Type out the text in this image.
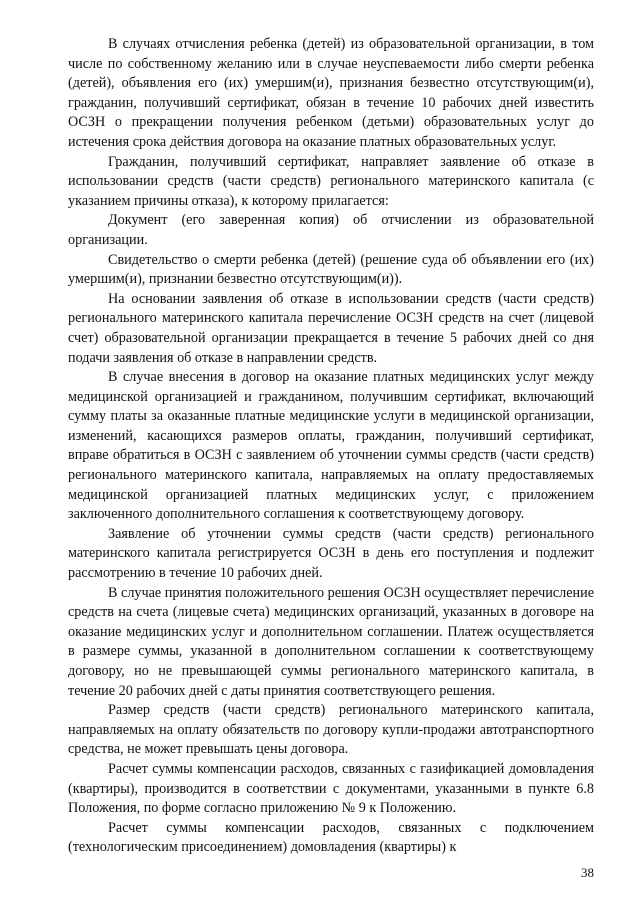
В случаях отчисления ребенка (детей) из образовательной организации, в том числе по собственному желанию или в случае неуспеваемости либо смерти ребенка (детей), объявления его (их) умершим(и), признания безвестно отсутствующим(и), гражданин, получивший сертификат, обязан в течение 10 рабочих дней известить ОСЗН о прекращении получения ребенком (детьми) образовательных услуг до истечения срока действия договора на оказание платных образовательных услуг.

Гражданин, получивший сертификат, направляет заявление об отказе в использовании средств (части средств) регионального материнского капитала (с указанием причины отказа), к которому прилагается:

Документ (его заверенная копия) об отчислении из образовательной организации.

Свидетельство о смерти ребенка (детей) (решение суда об объявлении его (их) умершим(и), признании безвестно отсутствующим(и)).

На основании заявления об отказе в использовании средств (части средств) регионального материнского капитала перечисление ОСЗН средств на счет (лицевой счет) образовательной организации прекращается в течение 5 рабочих дней со дня подачи заявления об отказе в направлении средств.

В случае внесения в договор на оказание платных медицинских услуг между медицинской организацией и гражданином, получившим сертификат, включающий сумму платы за оказанные платные медицинские услуги в медицинской организации, изменений, касающихся размеров оплаты, гражданин, получивший сертификат, вправе обратиться в ОСЗН с заявлением об уточнении суммы средств (части средств) регионального материнского капитала, направляемых на оплату предоставляемых медицинской организацией платных медицинских услуг, с приложением заключенного дополнительного соглашения к соответствующему договору.

Заявление об уточнении суммы средств (части средств) регионального материнского капитала регистрируется ОСЗН в день его поступления и подлежит рассмотрению в течение 10 рабочих дней.

В случае принятия положительного решения ОСЗН осуществляет перечисление средств на счета (лицевые счета) медицинских организаций, указанных в договоре на оказание медицинских услуг и дополнительном соглашении. Платеж осуществляется в размере суммы, указанной в дополнительном соглашении к соответствующему договору, но не превышающей суммы регионального материнского капитала, в течение 20 рабочих дней с даты принятия соответствующего решения.

Размер средств (части средств) регионального материнского капитала, направляемых на оплату обязательств по договору купли-продажи автотранспортного средства, не может превышать цены договора.

Расчет суммы компенсации расходов, связанных с газификацией домовладения (квартиры), производится в соответствии с документами, указанными в пункте 6.8 Положения, по форме согласно приложению № 9 к Положению.

Расчет суммы компенсации расходов, связанных с подключением (технологическим присоединением) домовладения (квартиры) к

38
